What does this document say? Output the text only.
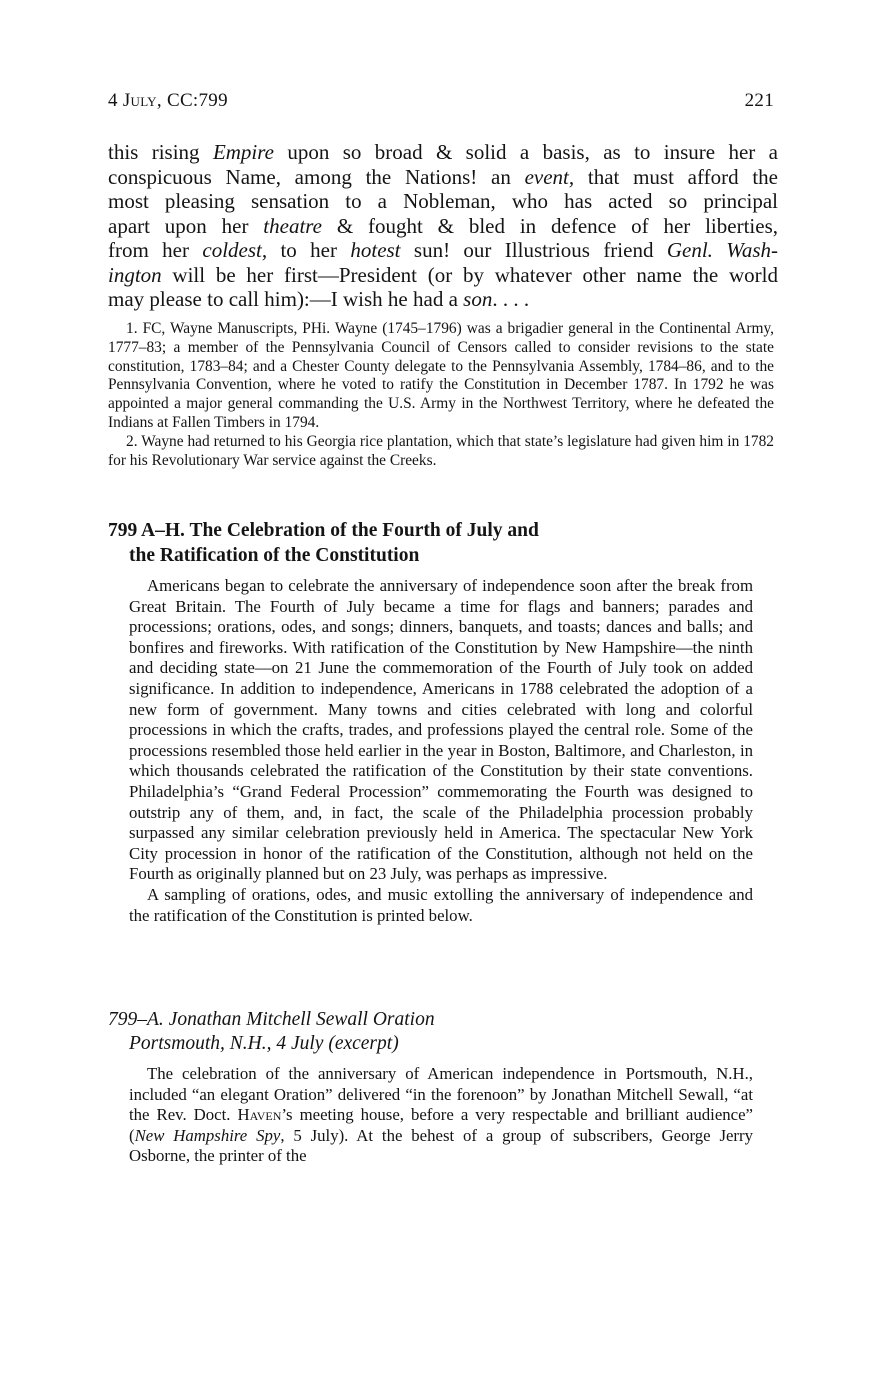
4 July, CC:799	221
this rising Empire upon so broad & solid a basis, as to insure her a
conspicuous Name, among the Nations! an event, that must afford the
most pleasing sensation to a Nobleman, who has acted so principal
apart upon her theatre & fought & bled in defence of her liberties,
from her coldest, to her hotest sun! our Illustrious friend Genl. Wash-
ington will be her first—President (or by whatever other name the world
may please to call him):—I wish he had a son. . . .

1. FC, Wayne Manuscripts, PHi. Wayne (1745–1796) was a brigadier general in the Continental Army, 1777–83; a member of the Pennsylvania Council of Censors called to consider revisions to the state constitution, 1783–84; and a Chester County delegate to the Pennsylvania Assembly, 1784–86, and to the Pennsylvania Convention, where he voted to ratify the Constitution in December 1787. In 1792 he was appointed a major general commanding the U.S. Army in the Northwest Territory, where he defeated the Indians at Fallen Timbers in 1794.

2. Wayne had returned to his Georgia rice plantation, which that state’s legislature had given him in 1782 for his Revolutionary War service against the Creeks.

799 A–H. The Celebration of the Fourth of July and
the Ratification of the Constitution

Americans began to celebrate the anniversary of independence soon after the break from Great Britain. The Fourth of July became a time for flags and banners; parades and processions; orations, odes, and songs; dinners, banquets, and toasts; dances and balls; and bonfires and fireworks. With ratification of the Constitution by New Hampshire—the ninth and deciding state—on 21 June the commemoration of the Fourth of July took on added significance. In addition to independence, Americans in 1788 celebrated the adoption of a new form of government. Many towns and cities celebrated with long and colorful processions in which the crafts, trades, and professions played the central role. Some of the processions resembled those held earlier in the year in Boston, Baltimore, and Charleston, in which thousands celebrated the ratification of the Constitution by their state conventions. Philadelphia’s “Grand Federal Procession” commemorating the Fourth was designed to outstrip any of them, and, in fact, the scale of the Philadelphia procession probably surpassed any similar celebration previously held in America. The spectacular New York City procession in honor of the ratification of the Constitution, although not held on the Fourth as originally planned but on 23 July, was perhaps as impressive.

A sampling of orations, odes, and music extolling the anniversary of independence and the ratification of the Constitution is printed below.

799–A. Jonathan Mitchell Sewall Oration
Portsmouth, N.H., 4 July (excerpt)

The celebration of the anniversary of American independence in Portsmouth, N.H., included “an elegant Oration” delivered “in the forenoon” by Jonathan Mitchell Sewall, “at the Rev. Doct. Haven’s meeting house, before a very respectable and brilliant audience” (New Hampshire Spy, 5 July). At the behest of a group of subscribers, George Jerry Osborne, the printer of the
